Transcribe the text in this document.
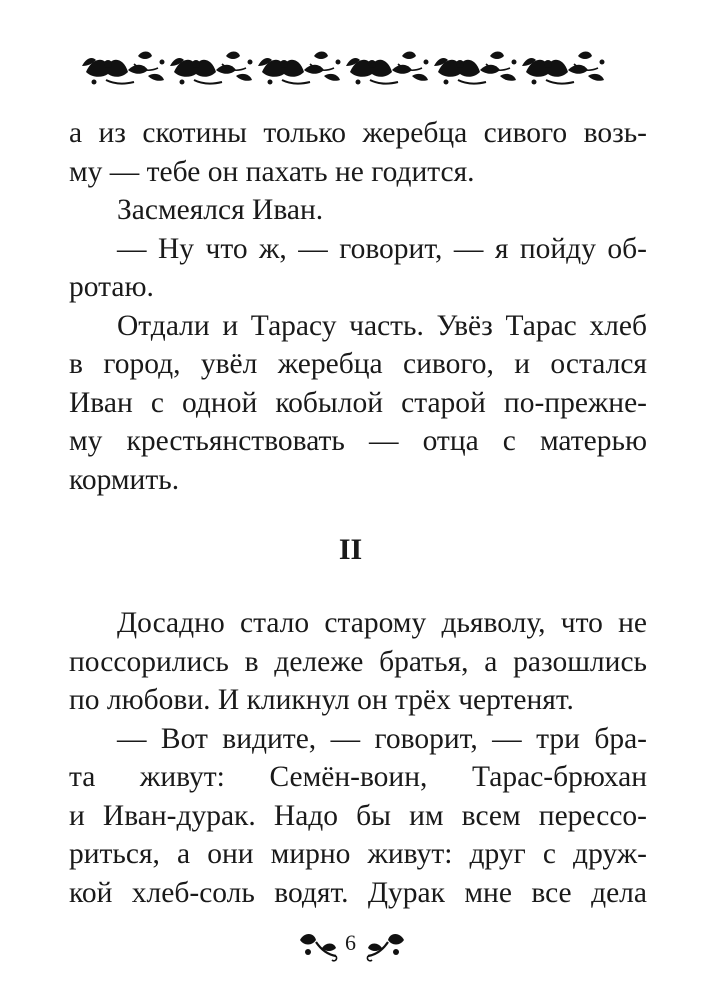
а из скотины только жеребца сивого возь-
му — тебе он пахать не годится.
Засмеялся Иван.
— Ну что ж, — говорит, — я пойду об-
ротаю.
Отдали и Тарасу часть. Увёз Тарас хлеб
в город, увёл жеребца сивого, и остался
Иван с одной кобылой старой по-прежне-
му крестьянствовать — отца с матерью
кормить.
II
Досадно стало старому дьяволу, что не
поссорились в дележе братья, а разошлись
по любови. И кликнул он трёх чертенят.
— Вот видите, — говорит, — три бра-
та живут: Семён-воин, Тарас-брюхан
и Иван-дурак. Надо бы им всем перессо-
риться, а они мирно живут: друг с друж-
кой хлеб-соль водят. Дурак мне все дела
6
